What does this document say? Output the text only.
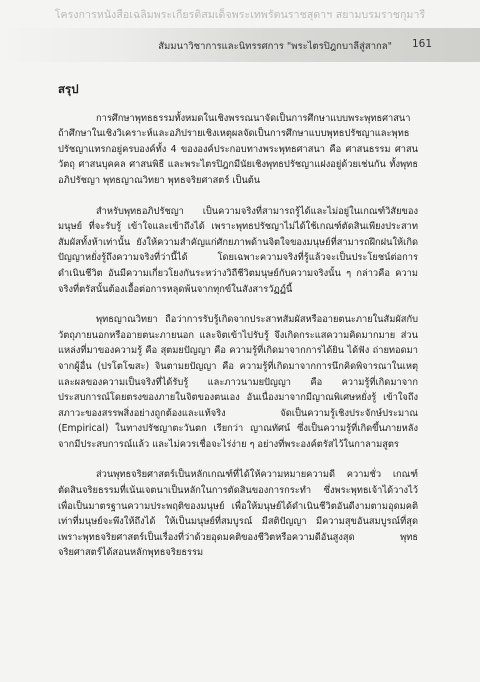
โครงการหนังสือเฉลิมพระเกียรติสมเด็จพระเทพรัตนราชสุดาฯ สยามบรมราชกุมารี
สัมมนาวิชาการและนิทรรศการ "พระไตรปิฎกบาลีสู่สากล" 161
สรุป

การศึกษาพุทธธรรมทั้งหมดในเชิงพรรณนาจัดเป็นการศึกษาแบบพระพุทธศาสนา ถ้าศึกษาในเชิงวิเคราะห์และอภิปรายเชิงเหตุผลจัดเป็นการศึกษาแบบพุทธปรัชญาและพุทธปรัชญาแทรกอยู่ครบองค์ทั้ง 4 ขององค์ประกอบทางพระพุทธศาสนา คือ ศาสนธรรม ศาสนวัตถุ ศาสนบุคคล ศาสนพิธี และพระไตรปิฎกมีนัยเชิงพุทธปรัชญาแฝงอยู่ด้วยเช่นกัน ทั้งพุทธอภิปรัชญา พุทธญาณวิทยา พุทธจริยศาสตร์ เป็นต้น

สำหรับพุทธอภิปรัชญา เป็นความจริงที่สามารถรู้ได้และไม่อยู่ในเกณฑ์วิสัยของมนุษย์ ที่จะรับรู้ เข้าใจและเข้าถึงได้ เพราะพุทธปรัชญาไม่ได้ใช้เกณฑ์ตัดสินเพียงประสาทสัมผัสทั้งห้าเท่านั้น ยังให้ความสำคัญแก่ศักยภาพด้านจิตใจของมนุษย์ที่สามารถฝึกฝนให้เกิดปัญญาหยั่งรู้ถึงความจริงที่ว่านี้ได้ โดยเฉพาะความจริงที่รู้แล้วจะเป็นประโยชน์ต่อการดำเนินชีวิต อันมีความเกี่ยวโยงกันระหว่างวิถีชีวิตมนุษย์กับความจริงนั้น ๆ กล่าวคือ ความจริงที่ตรัสนั้นต้องเอื้อต่อการหลุดพ้นจากทุกข์ในสังสารวัฏฏ์นี้

พุทธญาณวิทยา ถือว่าการรับรู้เกิดจากประสาทสัมผัสหรืออายตนะภายในสัมผัสกับวัตถุภายนอกหรืออายตนะภายนอก และจิตเข้าไปรับรู้ จึงเกิดกระแสความคิดมากมาย ส่วนแหล่งที่มาของความรู้ คือ สุตมยปัญญา คือ ความรู้ที่เกิดมาจากการได้ยิน ได้ฟัง ถ่ายทอดมาจากผู้อื่น (ปรโตโฆสะ) จินตามยปัญญา คือ ความรู้ที่เกิดมาจากการนึกคิดพิจารณาในเหตุและผลของความเป็นจริงที่ได้รับรู้ และภาวนามยปัญญา คือ ความรู้ที่เกิดมาจากประสบการณ์โดยตรงของภายในจิตของตนเอง อันเนื่องมาจากมีญาณพิเศษหยั่งรู้ เข้าใจถึงสภาวะของสรรพสิ่งอย่างถูกต้องและแท้จริง จัดเป็นความรู้เชิงประจักษ์ประมาณ (Empirical) ในทางปรัชญาตะวันตก เรียกว่า ญาณทัศน์ ซึ่งเป็นความรู้ที่เกิดขึ้นภายหลังจากมีประสบการณ์แล้ว และไม่ควรเชื่อจะไร่ง่าย ๆ อย่างที่พระองค์ตรัสไว้ในกาลามสูตร

ส่วนพุทธจริยศาสตร์เป็นหลักเกณฑ์ที่ได้ให้ความหมายความดี ความชั่ว เกณฑ์ตัดสินจริยธรรมที่เน้นเจตนาเป็นหลักในการตัดสินของการกระทำ ซึ่งพระพุทธเจ้าได้วางไว้เพื่อเป็นมาตรฐานความประพฤติของมนุษย์ เพื่อให้มนุษย์ได้ดำเนินชีวิตอันดีงามตามอุดมคติเท่าที่มนุษย์จะพึงให้ถึงได้ ให้เป็นมนุษย์ที่สมบูรณ์ มีสติปัญญา มีความสุขอันสมบูรณ์ที่สุด เพราะพุทธจริยศาสตร์เป็นเรื่องที่ว่าด้วยอุดมคติของชีวิตหรือความดีอันสูงสุด พุทธจริยศาสตร์ได้สอนหลักพุทธจริยธรรม
